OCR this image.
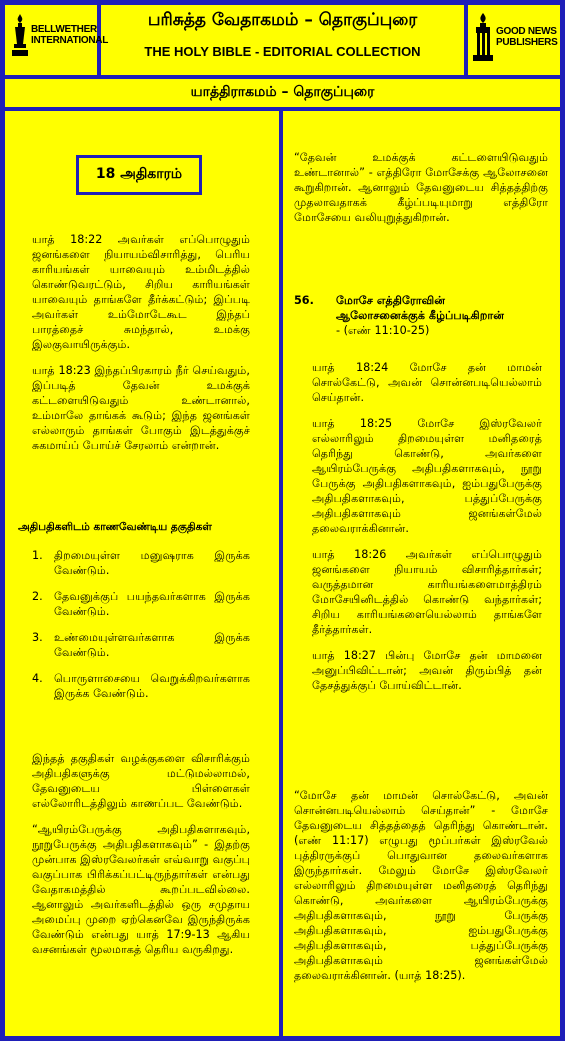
BELLWETHER
INTERNATIONAL
GOOD NEWS
PUBLISHERS
பரிசுத்த வேதாகமம் – தொகுப்புரை
THE HOLY BIBLE - EDITORIAL COLLECTION
யாத்திராகமம் – தொகுப்புரை
18 அதிகாரம்

யாத் 18:22 அவர்கள் எப்பொழுதும் ஜனங்களை நியாயம்விசாரித்து, பெரிய காரியங்கள் யாவையும் உம்மிடத்தில் கொண்டுவரட்டும், சிறிய காரியங்கள் யாவையும் தாங்களே தீர்க்கட்டும்; இப்படி அவர்கள் உம்மோடேகூட இந்தப் பாரத்தைச் சுமந்தால், உமக்கு இலகுவாயிருக்கும்.

யாத் 18:23 இந்தப்பிரகாரம் நீர் செய்வதும், இப்படித் தேவன் உமக்குக் கட்டளையிடுவதும் உண்டானால், உம்மாலே தாங்கக் கூடும்; இந்த ஜனங்கள் எல்லாரும் தாங்கள் போகும் இடத்துக்குச் சுகமாய்ப் போய்ச் சேரலாம் என்றான்.

அதிபதிகளிடம் காணவேண்டிய தகுதிகள்
1.	திறமையுள்ள மனுஷராக இருக்க வேண்டும்.
2.	தேவனுக்குப் பயந்தவர்களாக இருக்க வேண்டும்.
3.	உண்மையுள்ளவர்களாக இருக்க வேண்டும்.
4.	பொருளாசையை வெறுக்கிறவர்களாக இருக்க வேண்டும்.

இந்தத் தகுதிகள் வழக்குகளை விசாரிக்கும் அதிபதிகளுக்கு மட்டுமல்லாமல், தேவனுடைய பிள்ளைகள் எல்லோரிடத்திலும் காணப்பட வேண்டும்.

“ஆயிரம்பேருக்கு அதிபதிகளாகவும், நூறுபேருக்கு அதிபதிகளாகவும்” - இதற்கு முன்பாக இஸ்ரவேலர்கள் எவ்வாறு வகுப்பு வகுப்பாக பிரிக்கப்பட்டிருந்தார்கள் என்பது வேதாகமத்தில் கூறப்படவில்லை. ஆனாலும் அவர்களிடத்தில் ஒரு சமுதாய அமைப்பு முறை ஏற்கெனவே இருந்திருக்க வேண்டும் என்பது யாத் 17:9-13 ஆகிய வசனங்கள் மூலமாகத் தெரிய வருகிறது.

“தேவன் உமக்குக் கட்டளையிடுவதும் உண்டானால்” - எத்திரோ மோசேக்கு ஆலோசனை கூறுகிறான். ஆனாலும் தேவனுடைய சித்தத்திற்கு முதலாவதாகக் கீழ்ப்படியுமாறு எத்திரோ மோசேயை வலியுறுத்துகிறான்.

56.	மோசே எத்திரோவின்
ஆலோசனைக்குக் கீழ்ப்படிகிறான்
- (எண் 11:10-25)

யாத் 18:24 மோசே தன் மாமன் சொல்கேட்டு, அவன் சொன்னபடியெல்லாம் செய்தான்.

யாத் 18:25 மோசே இஸ்ரவேலர் எல்லாரிலும் திறமையுள்ள மனிதரைத் தெரிந்து கொண்டு, அவர்களை ஆயிரம்பேருக்கு அதிபதிகளாகவும், நூறு பேருக்கு அதிபதிகளாகவும், ஐம்பதுபேருக்கு அதிபதிகளாகவும், பத்துப்பேருக்கு அதிபதிகளாகவும் ஜனங்கள்மேல் தலைவராக்கினான்.

யாத் 18:26 அவர்கள் எப்பொழுதும் ஜனங்களை நியாயம் விசாரித்தார்கள்; வருத்தமான காரியங்களைமாத்திரம் மோசேயினிடத்தில் கொண்டு வந்தார்கள்; சிறிய காரியங்களையெல்லாம் தாங்களே தீர்த்தார்கள்.

யாத் 18:27 பின்பு மோசே தன் மாமனை அனுப்பிவிட்டான்; அவன் திரும்பித் தன் தேசத்துக்குப் போய்விட்டான்.

“மோசே தன் மாமன் சொல்கேட்டு, அவன் சொன்னபடியெல்லாம் செய்தான்” - மோசே தேவனுடைய சித்தத்தைத் தெரிந்து கொண்டான். (எண் 11:17) எழுபது மூப்பர்கள் இஸ்ரவேல் புத்திரருக்குப் பொதுவான தலைவர்களாக இருந்தார்கள். மேலும் மோசே இஸ்ரவேலர் எல்லாரிலும் திறமையுள்ள மனிதரைத் தெரிந்து கொண்டு, அவர்களை ஆயிரம்பேருக்கு அதிபதிகளாகவும், நூறு பேருக்கு அதிபதிகளாகவும், ஐம்பதுபேருக்கு அதிபதிகளாகவும், பத்துப்பேருக்கு அதிபதிகளாகவும் ஜனங்கள்மேல் தலைவராக்கினான். (யாத் 18:25).
